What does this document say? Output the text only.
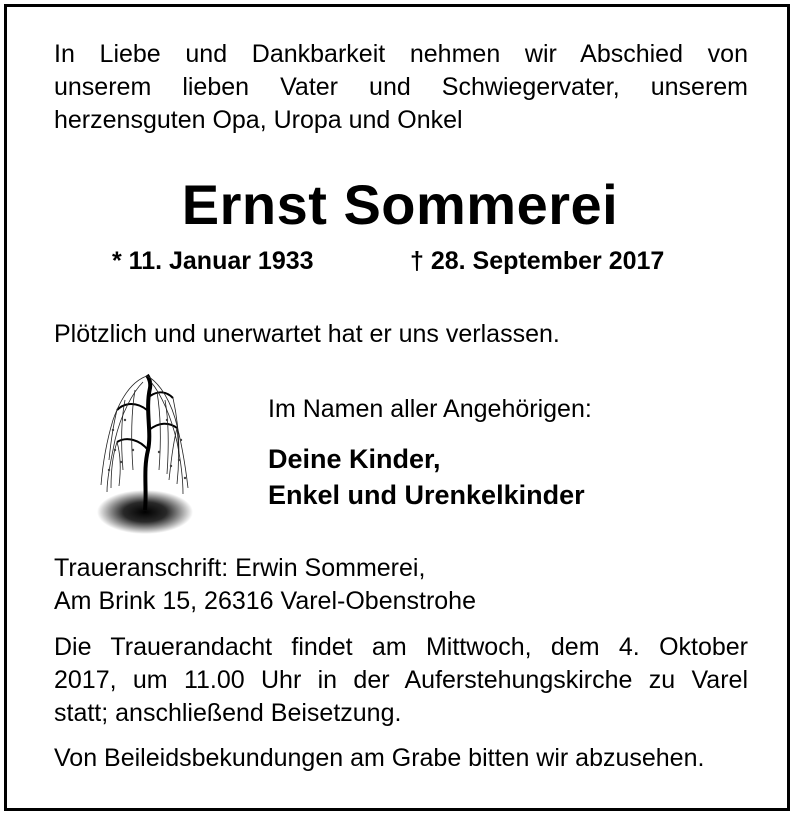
In Liebe und Dankbarkeit nehmen wir Abschied von
unserem lieben Vater und Schwiegervater, unserem
herzensguten Opa, Uropa und Onkel
Ernst Sommerei
* 11. Januar 1933	† 28. September 2017
Plötzlich und unerwartet hat er uns verlassen.
Im Namen aller Angehörigen:
Deine Kinder,
Enkel und Urenkelkinder
Traueranschrift: Erwin Sommerei,
Am Brink 15, 26316 Varel-Obenstrohe
Die Trauerandacht findet am Mittwoch, dem 4. Oktober
2017, um 11.00 Uhr in der Auferstehungskirche zu Varel
statt; anschließend Beisetzung.
Von Beileidsbekundungen am Grabe bitten wir abzusehen.
